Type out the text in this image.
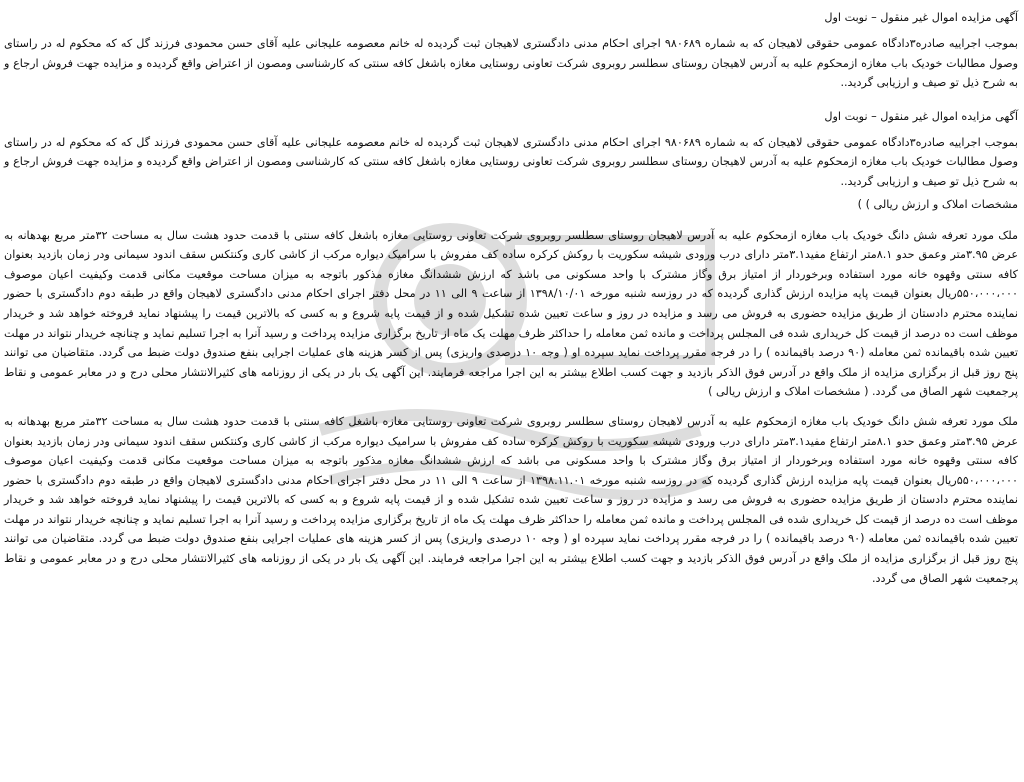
آگهی مزایده اموال غیر منقول – نوبت اول
بموجب اجراییه صادره۳دادگاه عمومی حقوقی لاهیجان که به شماره ۹۸۰۶۸۹ اجرای احکام مدنی دادگستری لاهیجان ثبت گردیده له خانم معصومه علیجانی علیه آقای حسن محمودی فرزند گل که که محکوم له در راستای وصول مطالبات خودیک باب مغازه ازمحکوم علیه به آدرس لاهیجان روستای سطلسر روبروی شرکت تعاونی روستایی مغازه باشغل کافه سنتی که کارشناسی ومصون از اعتراض واقع گردیده و مزایده جهت فروش ارجاع و به شرح ذیل تو صیف و ارزیابی گردید..
آگهی مزایده اموال غیر منقول – نوبت اول
بموجب اجراییه صادره۳دادگاه عمومی حقوقی لاهیجان که به شماره ۹۸۰۶۸۹ اجرای احکام مدنی دادگستری لاهیجان ثبت گردیده له خانم معصومه علیجانی علیه آقای حسن محمودی فرزند گل که که محکوم له در راستای وصول مطالبات خودیک باب مغازه ازمحکوم علیه به آدرس لاهیجان روستای سطلسر روبروی شرکت تعاونی روستایی مغازه باشغل کافه سنتی که کارشناسی ومصون از اعتراض واقع گردیده و مزایده جهت فروش ارجاع و به شرح ذیل تو صیف و ارزیابی گردید..
مشخصات املاک و ارزش ریالی ) )
ملک مورد تعرفه شش دانگ خودیک باب مغازه ازمحکوم علیه به آدرس لاهیجان روستای سطلسر روبروی شرکت تعاونی روستایی مغازه باشغل کافه سنتی با قدمت حدود هشت سال به مساحت ۳۲متر مربع بهدهانه به عرض ۳.۹۵متر وعمق حدو ۸.۱متر ارتفاع مفید۳.۱متر دارای درب ورودی شیشه سکوریت با روکش کرکره ساده کف مفروش با سرامیک دیواره مرکب از کاشی کاری وکنتکس سقف اندود سیمانی ودر زمان بازدید بعنوان کافه سنتی وقهوه خانه مورد استفاده وبرخوردار از امتیاز برق وگاز مشترک با واحد مسکونی می باشد که ارزش ششدانگ مغازه مذکور باتوجه به میزان مساحت موقعیت مکانی قدمت وکیفیت اعیان موصوف ۵۵۰،۰۰۰،۰۰۰ریال بعنوان قیمت پایه مزایده ارزش گذاری گردیده که در روزسه شنبه مورخه ۱۳۹۸/۱۰/۰۱ از ساعت ۹ الی ۱۱ در محل دفتر اجرای احکام مدنی دادگستری لاهیجان واقع در طبقه دوم دادگستری با حضور نماینده محترم دادستان از طریق مزایده حضوری به فروش می رسد و مزایده در روز و ساعت تعیین شده تشکیل شده و از قیمت پایه شروع و به کسی که بالاترین قیمت را پیشنهاد نماید فروخته خواهد شد و خریدار موظف است ده درصد از قیمت کل خریداری شده فی المجلس پرداخت و مانده ثمن معامله را حداکثر ظرف مهلت یک ماه از تاریخ برگزاری مزایده پرداخت و رسید آنرا به اجرا تسلیم نماید و چنانچه خریدار نتواند در مهلت تعیین شده باقیمانده ثمن معامله (۹۰ درصد باقیمانده ) را در فرجه مقرر پرداخت نماید سپرده او ( وجه ۱۰ درصدی واریزی) پس از کسر هزینه های عملیات اجرایی بنفع صندوق دولت ضبط می گردد. متقاضیان می توانند پنج روز قبل از برگزاری مزایده از ملک واقع در آدرس فوق الذکر بازدید و جهت کسب اطلاع بیشتر به این اجرا مراجعه فرمایند. این آگهی یک بار در یکی از روزنامه های کثیرالانتشار محلی درج و در معابر عمومی و نقاط پرجمعیت شهر الصاق می گردد. ( مشخصات املاک و ارزش ریالی )
ملک مورد تعرفه شش دانگ خودیک باب مغازه ازمحکوم علیه به آدرس لاهیجان روستای سطلسر روبروی شرکت تعاونی روستایی مغازه باشغل کافه سنتی با قدمت حدود هشت سال به مساحت ۳۲متر مربع بهدهانه به عرض ۳.۹۵متر وعمق حدو ۸.۱متر ارتفاع مفید۳.۱متر دارای درب ورودی شیشه سکوریت با روکش کرکره ساده کف مفروش با سرامیک دیواره مرکب از کاشی کاری وکنتکس سقف اندود سیمانی ودر زمان بازدید بعنوان کافه سنتی وقهوه خانه مورد استفاده وبرخوردار از امتیاز برق وگاز مشترک با واحد مسکونی می باشد که ارزش ششدانگ مغازه مذکور باتوجه به میزان مساحت موقعیت مکانی قدمت وکیفیت اعیان موصوف ۵۵۰،۰۰۰،۰۰۰ریال بعنوان قیمت پایه مزایده ارزش گذاری گردیده که در روزسه شنبه مورخه ۱۳۹۸.۱۱.۰۱ از ساعت ۹ الی ۱۱ در محل دفتر اجرای احکام مدنی دادگستری لاهیجان واقع در طبقه دوم دادگستری با حضور نماینده محترم دادستان از طریق مزایده حضوری به فروش می رسد و مزایده در روز و ساعت تعیین شده تشکیل شده و از قیمت پایه شروع و به کسی که بالاترین قیمت را پیشنهاد نماید فروخته خواهد شد و خریدار موظف است ده درصد از قیمت کل خریداری شده فی المجلس پرداخت و مانده ثمن معامله را حداکثر ظرف مهلت یک ماه از تاریخ برگزاری مزایده پرداخت و رسید آنرا به اجرا تسلیم نماید و چنانچه خریدار نتواند در مهلت تعیین شده باقیمانده ثمن معامله (۹۰ درصد باقیمانده ) را در فرجه مقرر پرداخت نماید سپرده او ( وجه ۱۰ درصدی واریزی) پس از کسر هزینه های عملیات اجرایی بنفع صندوق دولت ضبط می گردد. متقاضیان می توانند پنج روز قبل از برگزاری مزایده از ملک واقع در آدرس فوق الذکر بازدید و جهت کسب اطلاع بیشتر به این اجرا مراجعه فرمایند. این آگهی یک بار در یکی از روزنامه های کثیرالانتشار محلی درج و در معابر عمومی و نقاط پرجمعیت شهر الصاق می گردد.
